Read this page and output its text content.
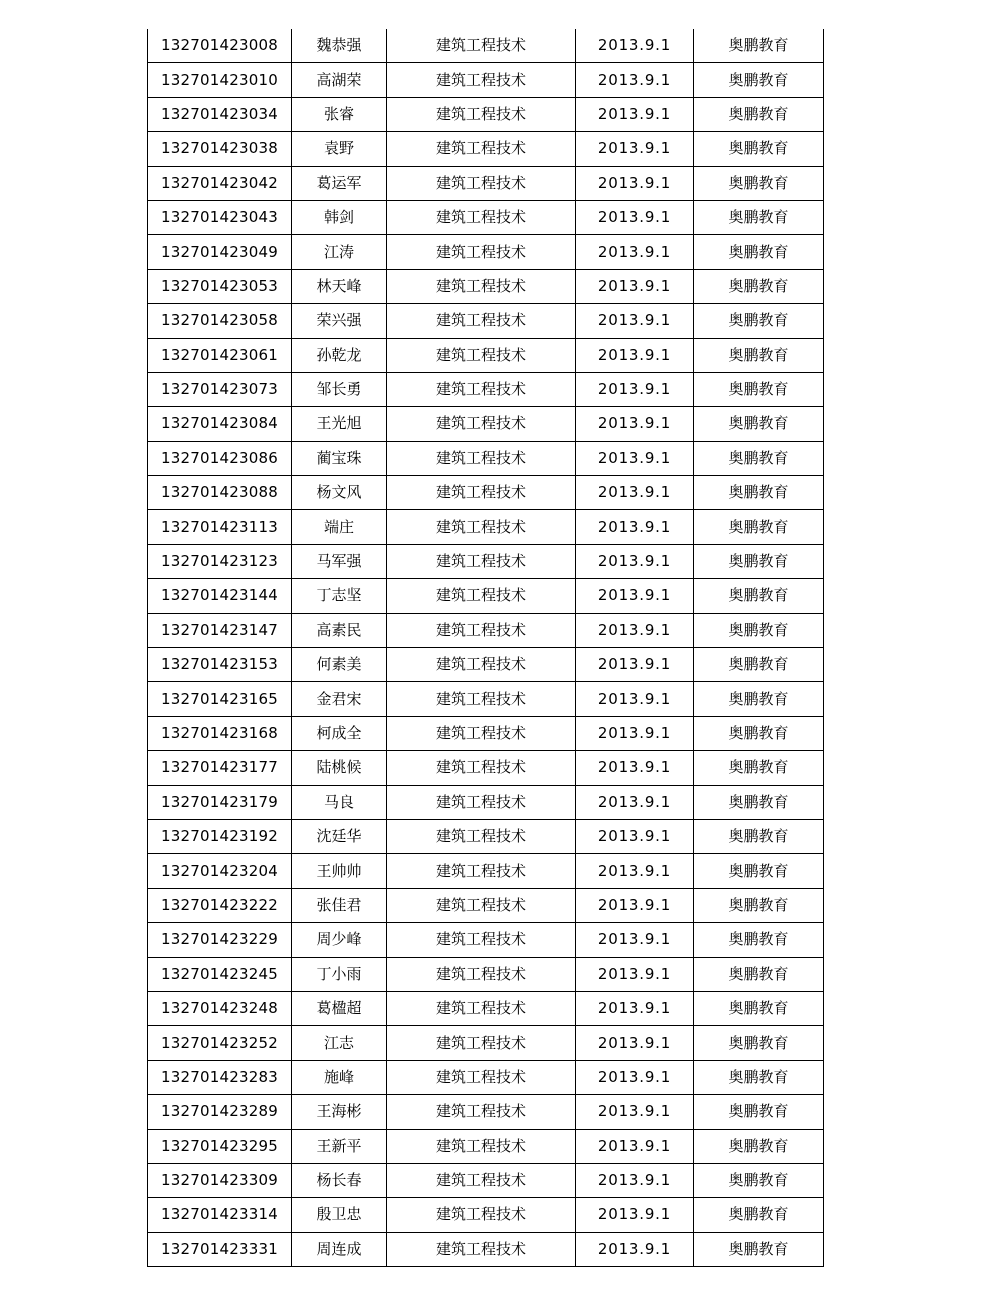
132701423008	魏恭强	建筑工程技术	2013.9.1	奥鹏教育
132701423010	高湖荣	建筑工程技术	2013.9.1	奥鹏教育
132701423034	张睿	建筑工程技术	2013.9.1	奥鹏教育
132701423038	袁野	建筑工程技术	2013.9.1	奥鹏教育
132701423042	葛运军	建筑工程技术	2013.9.1	奥鹏教育
132701423043	韩剑	建筑工程技术	2013.9.1	奥鹏教育
132701423049	江涛	建筑工程技术	2013.9.1	奥鹏教育
132701423053	林天峰	建筑工程技术	2013.9.1	奥鹏教育
132701423058	荣兴强	建筑工程技术	2013.9.1	奥鹏教育
132701423061	孙乾龙	建筑工程技术	2013.9.1	奥鹏教育
132701423073	邹长勇	建筑工程技术	2013.9.1	奥鹏教育
132701423084	王光旭	建筑工程技术	2013.9.1	奥鹏教育
132701423086	蔺宝珠	建筑工程技术	2013.9.1	奥鹏教育
132701423088	杨文风	建筑工程技术	2013.9.1	奥鹏教育
132701423113	端庄	建筑工程技术	2013.9.1	奥鹏教育
132701423123	马军强	建筑工程技术	2013.9.1	奥鹏教育
132701423144	丁志坚	建筑工程技术	2013.9.1	奥鹏教育
132701423147	高素民	建筑工程技术	2013.9.1	奥鹏教育
132701423153	何素美	建筑工程技术	2013.9.1	奥鹏教育
132701423165	金君宋	建筑工程技术	2013.9.1	奥鹏教育
132701423168	柯成全	建筑工程技术	2013.9.1	奥鹏教育
132701423177	陆桃候	建筑工程技术	2013.9.1	奥鹏教育
132701423179	马良	建筑工程技术	2013.9.1	奥鹏教育
132701423192	沈廷华	建筑工程技术	2013.9.1	奥鹏教育
132701423204	王帅帅	建筑工程技术	2013.9.1	奥鹏教育
132701423222	张佳君	建筑工程技术	2013.9.1	奥鹏教育
132701423229	周少峰	建筑工程技术	2013.9.1	奥鹏教育
132701423245	丁小雨	建筑工程技术	2013.9.1	奥鹏教育
132701423248	葛楹超	建筑工程技术	2013.9.1	奥鹏教育
132701423252	江志	建筑工程技术	2013.9.1	奥鹏教育
132701423283	施峰	建筑工程技术	2013.9.1	奥鹏教育
132701423289	王海彬	建筑工程技术	2013.9.1	奥鹏教育
132701423295	王新平	建筑工程技术	2013.9.1	奥鹏教育
132701423309	杨长春	建筑工程技术	2013.9.1	奥鹏教育
132701423314	殷卫忠	建筑工程技术	2013.9.1	奥鹏教育
132701423331	周连成	建筑工程技术	2013.9.1	奥鹏教育
